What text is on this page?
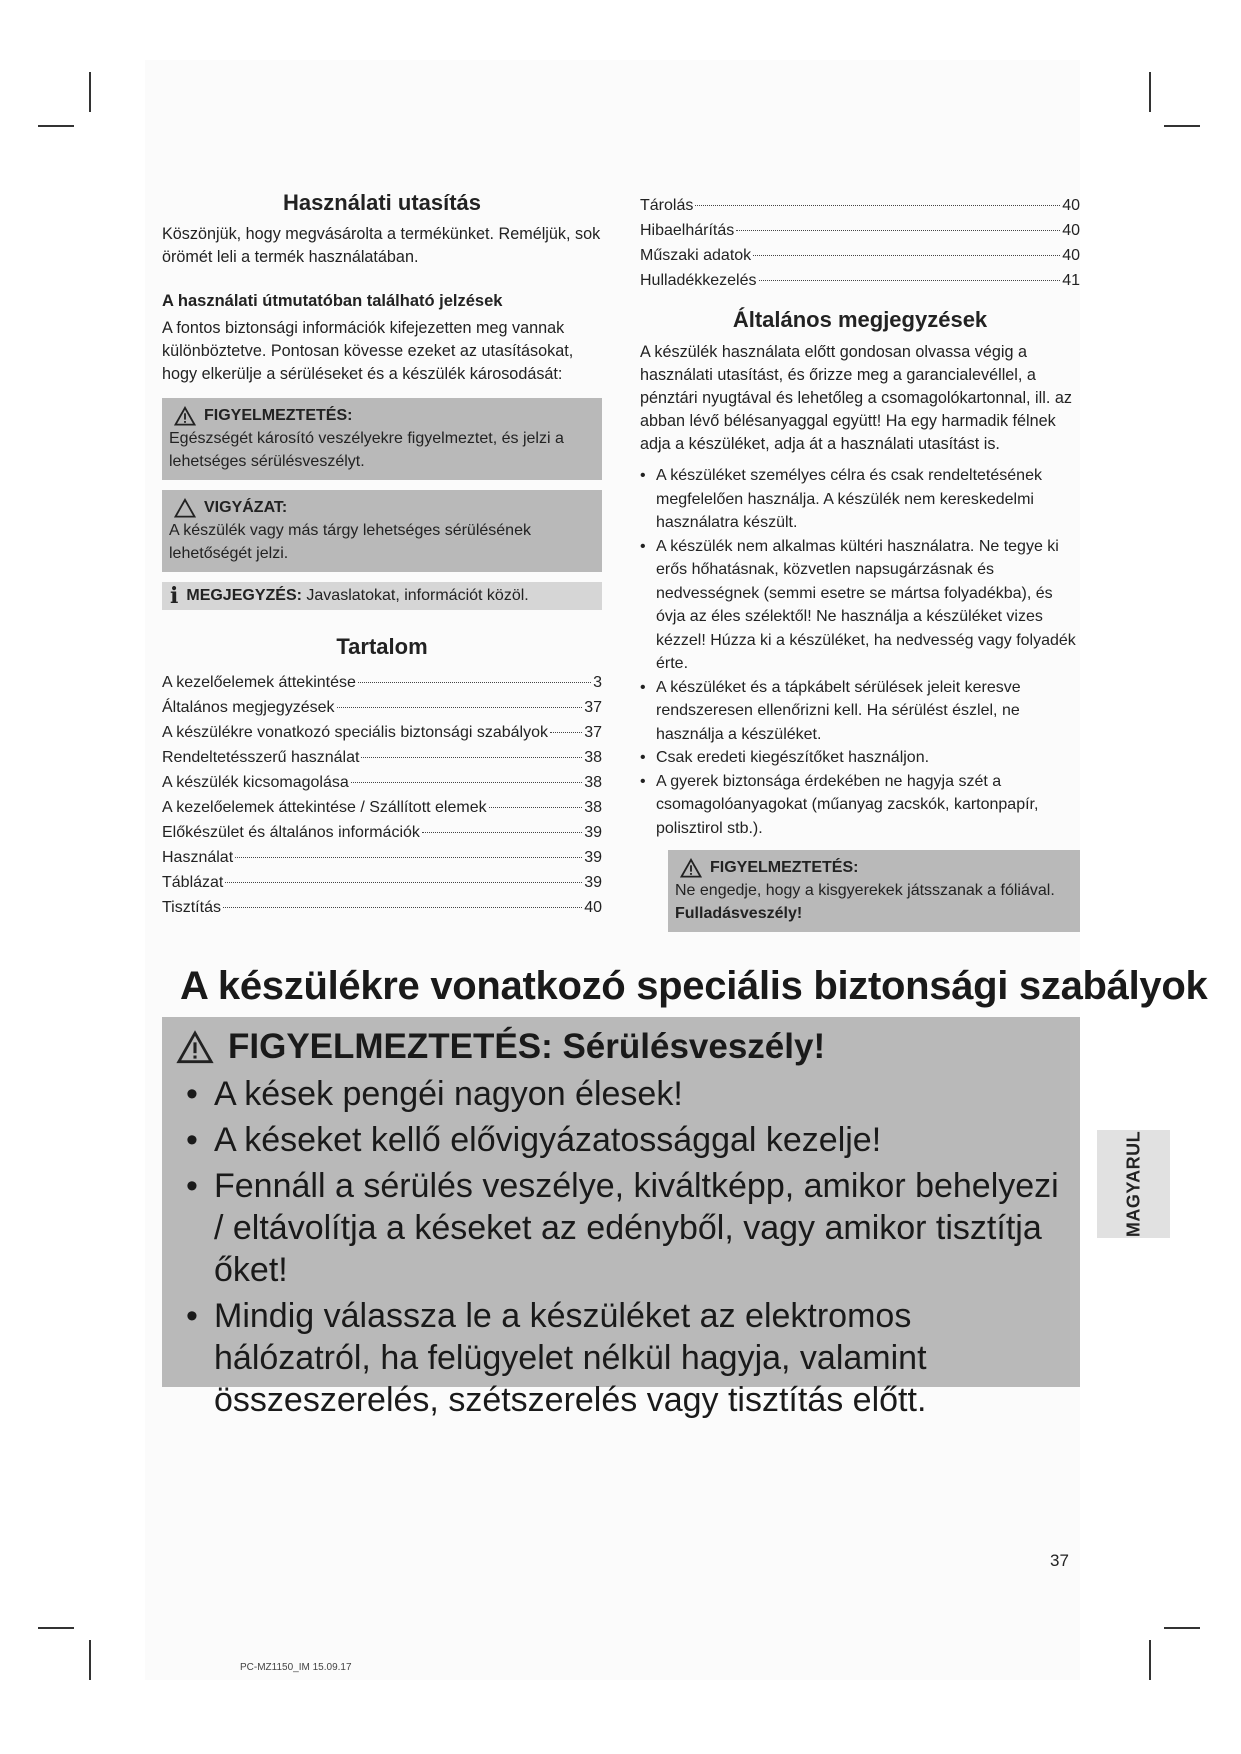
Használati utasítás

Köszönjük, hogy megvásárolta a termékünket. Reméljük, sok örömét leli a termék használatában.

A használati útmutatóban található jelzések

A fontos biztonsági információk kifejezetten meg vannak különböztetve. Pontosan kövesse ezeket az utasításokat, hogy elkerülje a sérüléseket és a készülék károsodását:

FIGYELMEZTETÉS:
Egészségét károsító veszélyekre figyelmeztet, és jelzi a lehetséges sérülésveszélyt.
VIGYÁZAT:
A készülék vagy más tárgy lehetséges sérülésének lehetőségét jelzi.
i MEGJEGYZÉS: Javaslatokat, információt közöl.
Tartalom
A kezelőelemek áttekintése	3
Általános megjegyzések	37
A készülékre vonatkozó speciális biztonsági szabályok 37
Rendeltetésszerű használat	38
A készülék kicsomagolása	38
A kezelőelemek áttekintése / Szállított elemek	38
Előkészület és általános információk	39
Használat	39
Táblázat	39
Tisztítás	40
Tárolás	40
Hibaelhárítás	40
Műszaki adatok	40
Hulladékkezelés	41
Általános megjegyzések

A készülék használata előtt gondosan olvassa végig a használati utasítást, és őrizze meg a garancialevéllel, a pénztári nyugtával és lehetőleg a csomagolókartonnal, ill. az abban lévő bélésanyaggal együtt! Ha egy harmadik félnek adja a készüléket, adja át a használati utasítást is.

• A készüléket személyes célra és csak rendeltetésének megfelelően használja. A készülék nem kereskedelmi használatra készült.
• A készülék nem alkalmas kültéri használatra. Ne tegye ki erős hőhatásnak, közvetlen napsugárzásnak és nedvességnek (semmi esetre se mártsa folyadékba), és óvja az éles szélektől! Ne használja a készüléket vizes kézzel! Húzza ki a készüléket, ha nedvesség vagy folyadék érte.
• A készüléket és a tápkábelt sérülések jeleit keresve rendszeresen ellenőrizni kell. Ha sérülést észlel, ne használja a készüléket.
• Csak eredeti kiegészítőket használjon.
• A gyerek biztonsága érdekében ne hagyja szét a csomagolóanyagokat (műanyag zacskók, kartonpapír, polisztirol stb.).
FIGYELMEZTETÉS:
Ne engedje, hogy a kisgyerekek játsszanak a fóliával.
Fulladásveszély!
A készülékre vonatkozó speciális biztonsági szabályok
FIGYELMEZTETÉS: Sérülésveszély!
• A kések pengéi nagyon élesek!
• A késeket kellő elővigyázatossággal kezelje!
• Fennáll a sérülés veszélye, kiváltképp, amikor behelyezi / eltávolítja a késeket az edényből, vagy amikor tisztítja őket!
• Mindig válassza le a készüléket az elektromos hálózatról, ha felügyelet nélkül hagyja, valamint összeszerelés, szétszerelés vagy tisztítás előtt.
MAGYARUL
37
PC-MZ1150_IM 15.09.17
